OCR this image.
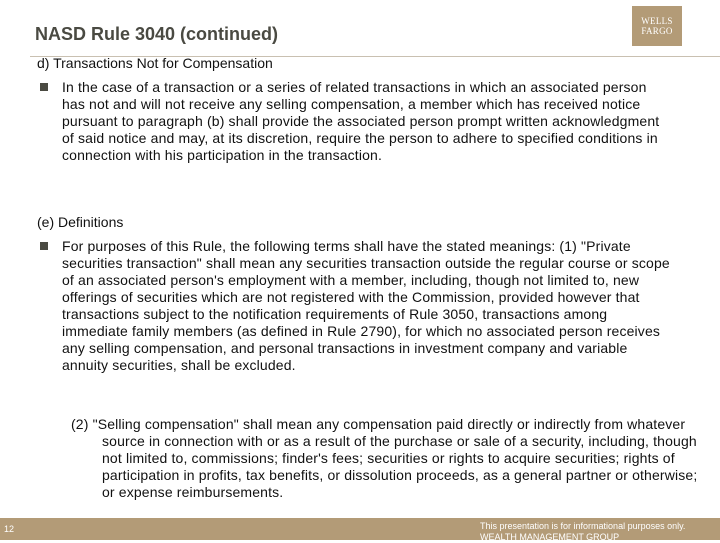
NASD Rule 3040 (continued)
WELLS
FARGO
d) Transactions Not for Compensation
In the case of a transaction or a series of related transactions in which an associated person has not and will not receive any selling compensation, a member which has received notice pursuant to paragraph (b) shall provide the associated person prompt written acknowledgment of said notice and may, at its discretion, require the person to adhere to specified conditions in connection with his participation in the transaction.
(e) Definitions
For purposes of this Rule, the following terms shall have the stated meanings: (1) "Private securities transaction" shall mean any securities transaction outside the regular course or scope of an associated person's employment with a member, including, though not limited to, new offerings of securities which are not registered with the Commission, provided however that transactions subject to the notification requirements of Rule 3050, transactions among immediate family members (as defined in Rule 2790), for which no associated person receives any selling compensation, and personal transactions in investment company and variable annuity securities, shall be excluded.
(2) "Selling compensation" shall mean any compensation paid directly or indirectly from whatever source in connection with or as a result of the purchase or sale of a security, including, though not limited to, commissions; finder's fees; securities or rights to acquire securities; rights of participation in profits, tax benefits, or dissolution proceeds, as a general partner or otherwise; or expense reimbursements.
12	This presentation is for informational purposes only. WEALTH MANAGEMENT GROUP
